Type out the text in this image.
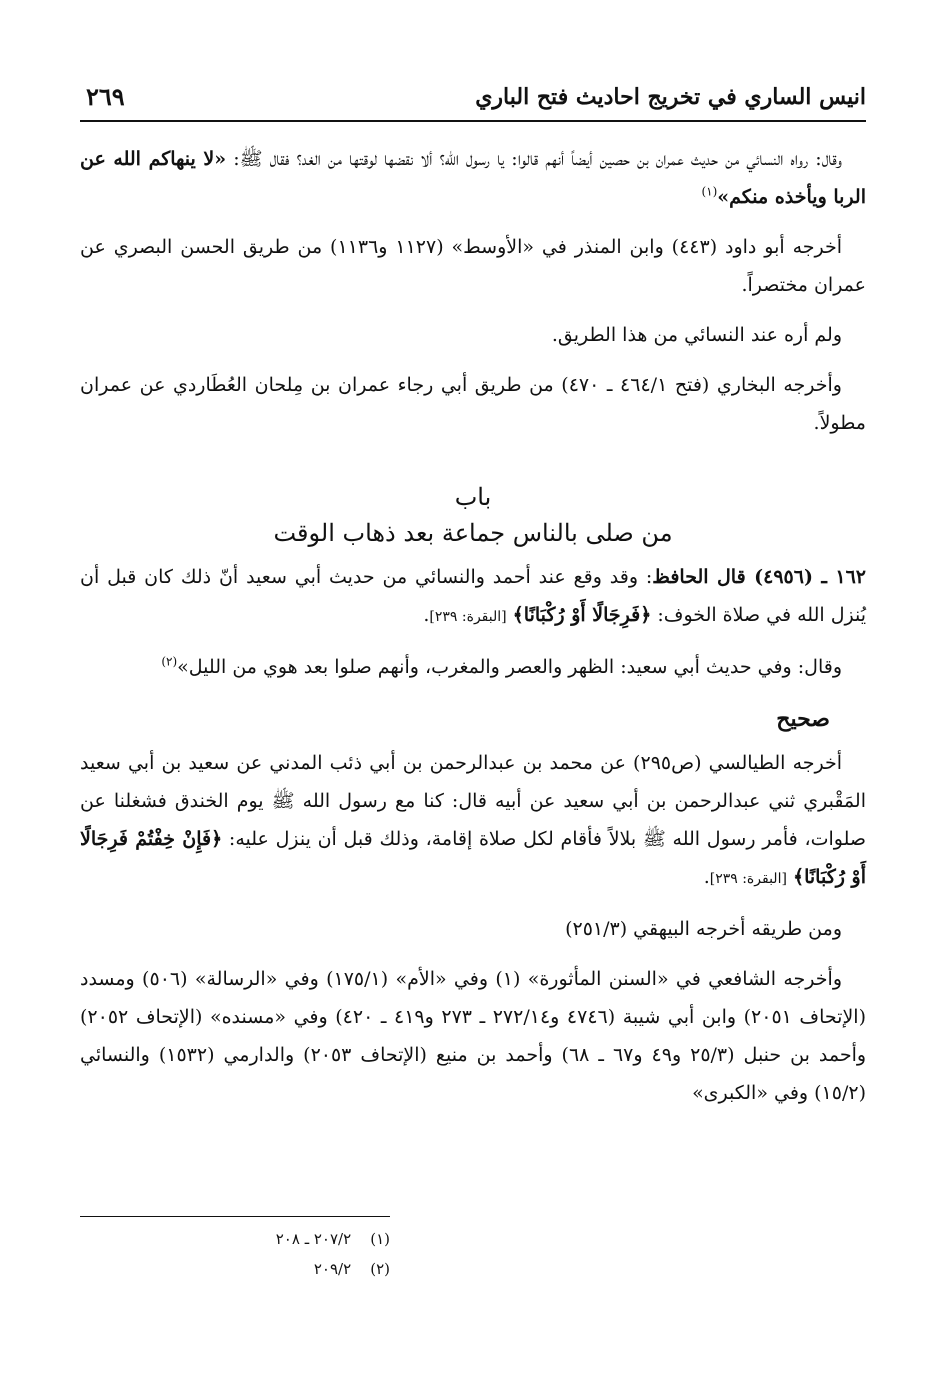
انيس الساري في تخريج احاديث فتح الباري
٢٦٩

وقال: رواه النسائي من حديث عمران بن حصين أيضاً أنهم قالوا: يا رسول الله؟ ألا نقضها لوقتها من الغد؟ فقال ﷺ: «لا ينهاكم الله عن الربا ويأخذه منكم»$^{(١)}$

أخرجه أبو داود (٤٤٣) وابن المنذر في «الأوسط» (١١٢٧ و١١٣٦) من طريق الحسن البصري عن عمران مختصراً.

ولم أره عند النسائي من هذا الطريق.

وأخرجه البخاري (فتح ٤٦٤/١ ـ ٤٧٠) من طريق أبي رجاء عمران بن مِلحان العُطَاردي عن عمران مطولاً.

باب
من صلى بالناس جماعة بعد ذهاب الوقت

١٦٢ ـ (٤٩٥٦) قال الحافظ: وقد وقع عند أحمد والنسائي من حديث أبي سعيد أنّ ذلك كان قبل أن يُنزل الله في صلاة الخوف: ﴿فَرِجَالًا أَوْ رُكْبَانًا﴾ [البقرة: ٢٣٩].

وقال: وفي حديث أبي سعيد: الظهر والعصر والمغرب، وأنهم صلوا بعد هوي من الليل»$^{(٢)}$

صحيح

أخرجه الطيالسي (ص٢٩٥) عن محمد بن عبدالرحمن بن أبي ذئب المدني عن سعيد بن أبي سعيد المَقْبري ثني عبدالرحمن بن أبي سعيد عن أبيه قال: كنا مع رسول الله ﷺ يوم الخندق فشغلنا عن صلوات، فأمر رسول الله ﷺ بلالاً فأقام لكل صلاة إقامة، وذلك قبل أن ينزل عليه: ﴿فَإِنْ خِفْتُمْ فَرِجَالًا أَوْ رُكْبَانًا﴾ [البقرة: ٢٣٩].

ومن طريقه أخرجه البيهقي (٢٥١/٣)

وأخرجه الشافعي في «السنن المأثورة» (١) وفي «الأم» (١٧٥/١) وفي «الرسالة» (٥٠٦) ومسدد (الإتحاف ٢٠٥١) وابن أبي شيبة (٤٧٤٦ و٢٧٢/١٤ ـ ٢٧٣ و٤١٩ ـ ٤٢٠) وفي «مسنده» (الإتحاف ٢٠٥٢) وأحمد بن حنبل (٢٥/٣ و٤٩ و٦٧ ـ ٦٨) وأحمد بن منيع (الإتحاف ٢٠٥٣) والدارمي (١٥٣٢) والنسائي (١٥/٢) وفي «الكبرى»

(١)    ٢٠٧/٢ ـ ٢٠٨
(٢)    ٢٠٩/٢
